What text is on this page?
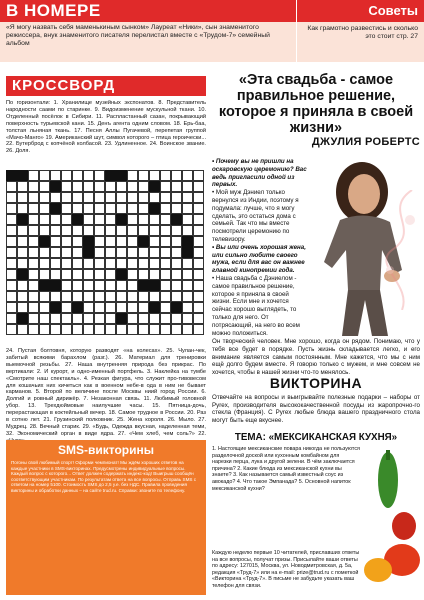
В НОМЕРЕ
«Я могу назвать себя маменькиным сынком» Лауреат «Ники», сын знаменитого режиссера, внук знаменитого писателя перелистал вместе с «Трудом-7» семейный альбом
Советы
Как грамотно развестись и сколько это стоит стр. 27
КРОССВОРД
По горизонтали: 1. Хранилище музейных экспонатов. 8. Представитель народности саами по старинке. 9. Видоизменение мускульной ткани. 10. Отделенный посёлок в Сибири. 11. Распластанный сазан, покрывающий поверхность турьевской кани. 15. Денъ агента одним словом. 18. Ерь-баа, толстая льняная ткань. 17. Песня Аллы Пугачевой, перепетая группой «Мачо-Манго» 19. Американский шут, символ которого – птица героически... 22. Бутерброд с копчёной колбасой. 23. Удлиненное. 24. Воинское звание. 26. Доля.
24. Пустая болтовня, которую разводят «на колесах». 25. Чулан-чек, забитый всякими барахлом (разг.). 26. Материал для тренировки выемочной резьбы. 27. Наша внутренняя природа без прикрас. По вертикали: 2. И курорт, и одно-именный портфель. 3. Наклейка на тумбе «Смотрите наш спектакль». 4. Резкая фигура, что служит про-тивовесом для кошачьих них кичеться как в военном небе-в ода в ним не бывает карманов. 5. Второй по величине после Москвы ниий город России. 6. Долгий и ровный дирижёр. 7. Незаконная связь. 11. Любимый головной убор. 13. Трехдюймовые наилучшие часы. 15. Пятница-дочь, перерастающая в коктейльный вечер. 18. Самое трудное в России. 20. Раз в сотню лет. 21. Грузинский полковник. 25. Жена короля. 26. Мыло. 27. Мудрец. 28. Вечный старик. 29. «Будь, Одежда вкусная, наделенная теми, 32. Экономический орган в виде ядра. 27. «Чем хлеб, чем соль?» 22.
SMS-викторины
Погоны свой любимый спорт! Оформи чемпионат! Мы ждём хороших ответов на каждые участники в SMS-викторинах. Предусмотрены индивидуальные вопросы. Каждый вопрос с которого... Ответ должен содержать индекс-код! Выигрыш сообщён соответствующим участникам. По результатам ответа на все вопросы. Отправь SMS с ответом на номер 5100. Стоимость SMS до 2,5 у.е. без НДС. Правила проведения викторины и обработки данных – на сайте trud.ru. Справки: звоните по телефону.
«Эта свадьба - самое правильное решение, которое я приняла в своей жизни»
ДЖУЛИЯ РОБЕРТС

• Почему вы не пришли на оскаровскую церемонию? Вас ведь пригласили одной из первых.

• Мой муж Дэниел только вернулся из Индии, поэтому я подумала: лучше, что я могу сделать, это остаться дома с семьей. Так что мы вместе посмотрели церемонию по телевизору.

• Вы или очень хорошая жена, или сильно любите своего мужа, если для вас он важнее главной кинопремии года.

• Наша свадьба с Дэниелом - самое правильное решение, которое я приняла в своей жизни. Если мне и хочется сейчас хорошо выглядеть, то только для него. От потрясающий, на него во всем можно положиться.

Он творческий человек. Мне хорошо, когда он рядом. Понимаю, что у тебя все будет в порядке. Пусть жизнь складывается легко, и его внимание является самым постоянным. Мне кажется, что мы с ним ещё долго будем вместе. Я говорю только с мужем, и мне совсем не хочется, чтобы в нашей жизни что-то менялось.
ВИКТОРИНА
Отвечайте на вопросы и выигрывайте полезные подарки – наборы от Pyrex, производителя высококачественной посуды из жаропрочно-го стекла (Франция). С Pyrex любые блюда вашего праздничного стола могут быть еще вкуснее.
ТЕМА: «МЕКСИКАНСКАЯ КУХНЯ»
1. Настоящие мексиканские повара никогда не пользуются разделочной доской или кухонным комбайном для нарезки перца, лука и другой зелени. В чём заключается причина? 2. Какие блюда из мексиканской кухни вы знаете? 3. Как называется самый известный соус из авокадо? 4. Что такое Эмпанада? 5. Основной напиток мексиканской кухни?
Каждую неделю первые 10 читателей, приславших ответы на все вопросы, получат призы. Присылайте ваши ответы по адресу: 127015, Москва, ул. Новодмитровская, д. 5а, редакция «Труд-7» или на e-mail: prize@trud.ru с пометкой «Викторина «Труд-7». В письме не забудьте указать ваш телефон для связи.
